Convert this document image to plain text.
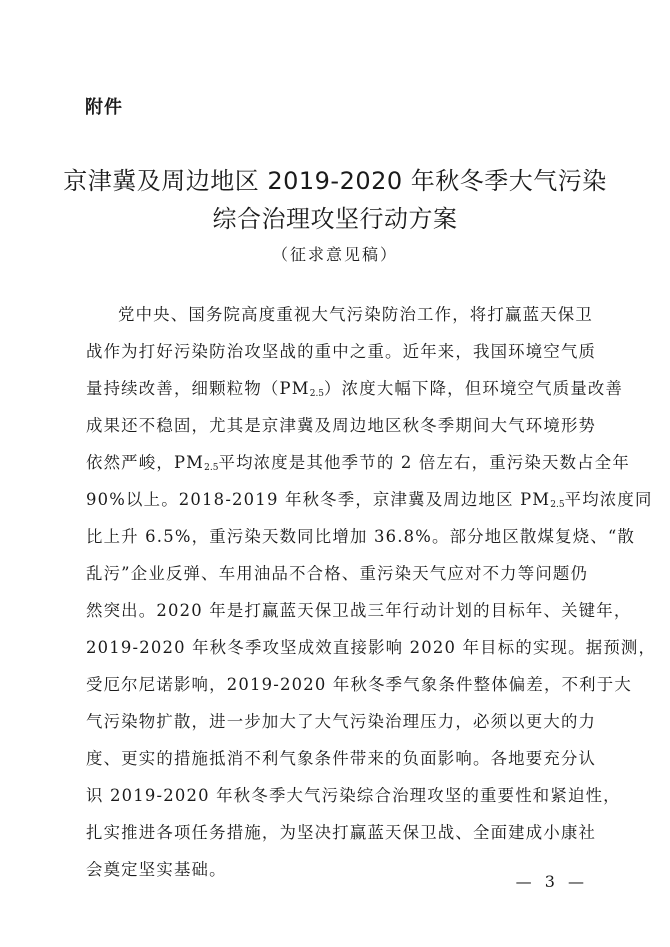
附件
京津冀及周边地区 2019-2020 年秋冬季大气污染
综合治理攻坚行动方案
（征求意见稿）
党中央、国务院高度重视大气污染防治工作，将打赢蓝天保卫
战作为打好污染防治攻坚战的重中之重。近年来，我国环境空气质
量持续改善，细颗粒物（PM2.5）浓度大幅下降，但环境空气质量改善
成果还不稳固，尤其是京津冀及周边地区秋冬季期间大气环境形势
依然严峻，PM2.5平均浓度是其他季节的 2 倍左右，重污染天数占全年
90%以上。2018-2019 年秋冬季，京津冀及周边地区 PM2.5平均浓度同
比上升 6.5%，重污染天数同比增加 36.8%。部分地区散煤复烧、“散
乱污”企业反弹、车用油品不合格、重污染天气应对不力等问题仍
然突出。2020 年是打赢蓝天保卫战三年行动计划的目标年、关键年，
2019-2020 年秋冬季攻坚成效直接影响 2020 年目标的实现。据预测，
受厄尔尼诺影响，2019-2020 年秋冬季气象条件整体偏差，不利于大
气污染物扩散，进一步加大了大气污染治理压力，必须以更大的力
度、更实的措施抵消不利气象条件带来的负面影响。各地要充分认
识 2019-2020 年秋冬季大气污染综合治理攻坚的重要性和紧迫性，
扎实推进各项任务措施，为坚决打赢蓝天保卫战、全面建成小康社
会奠定坚实基础。
— 3 —
